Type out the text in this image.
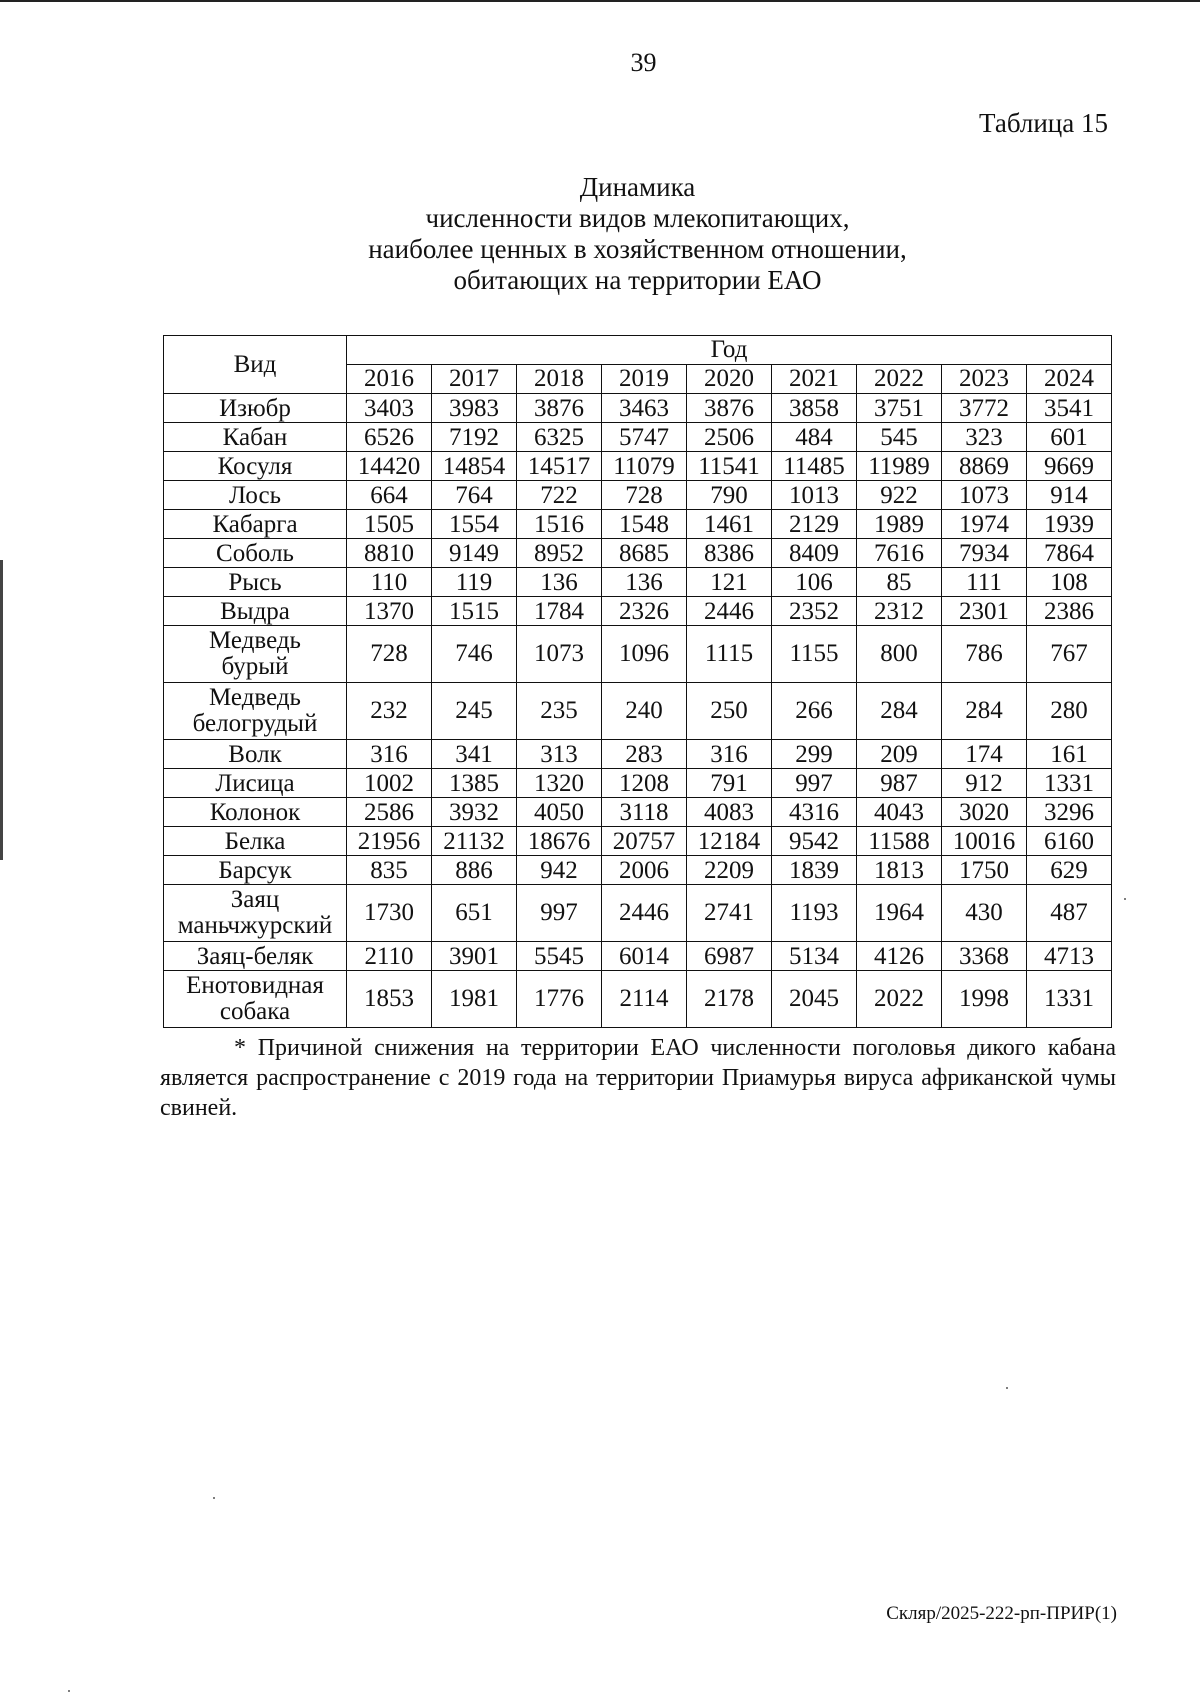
39
Таблица 15
Динамика
численности видов млекопитающих,
наиболее ценных в хозяйственном отношении,
обитающих на территории ЕАО
Вид	Год								
	2016	2017	2018	2019	2020	2021	2022	2023	2024

Изюбр	3403	3983	3876	3463	3876	3858	3751	3772	3541

Кабан	6526	7192	6325	5747	2506	484	545	323	601

Косуля	14420	14854	14517	11079	11541	11485	11989	8869	9669

Лось	664	764	722	728	790	1013	922	1073	914

Кабарга	1505	1554	1516	1548	1461	2129	1989	1974	1939

Соболь	8810	9149	8952	8685	8386	8409	7616	7934	7864

Рысь	110	119	136	136	121	106	85	111	108

Выдра	1370	1515	1784	2326	2446	2352	2312	2301	2386

Медведь
бурый	728	746	1073	1096	1115	1155	800	786	767

Медведь
белогрудый	232	245	235	240	250	266	284	284	280

Волк	316	341	313	283	316	299	209	174	161

Лисица	1002	1385	1320	1208	791	997	987	912	1331

Колонок	2586	3932	4050	3118	4083	4316	4043	3020	3296

Белка	21956	21132	18676	20757	12184	9542	11588	10016	6160

Барсук	835	886	942	2006	2209	1839	1813	1750	629

Заяц
маньчжурский	1730	651	997	2446	2741	1193	1964	430	487

Заяц-беляк	2110	3901	5545	6014	6987	5134	4126	3368	4713

Енотовидная
собака	1853	1981	1776	2114	2178	2045	2022	1998	1331
* Причиной снижения на территории ЕАО численности поголовья дикого кабана является распространение с 2019 года на территории Приамурья вируса африканской чумы свиней.
Скляр/2025-222-рп-ПРИР(1)
